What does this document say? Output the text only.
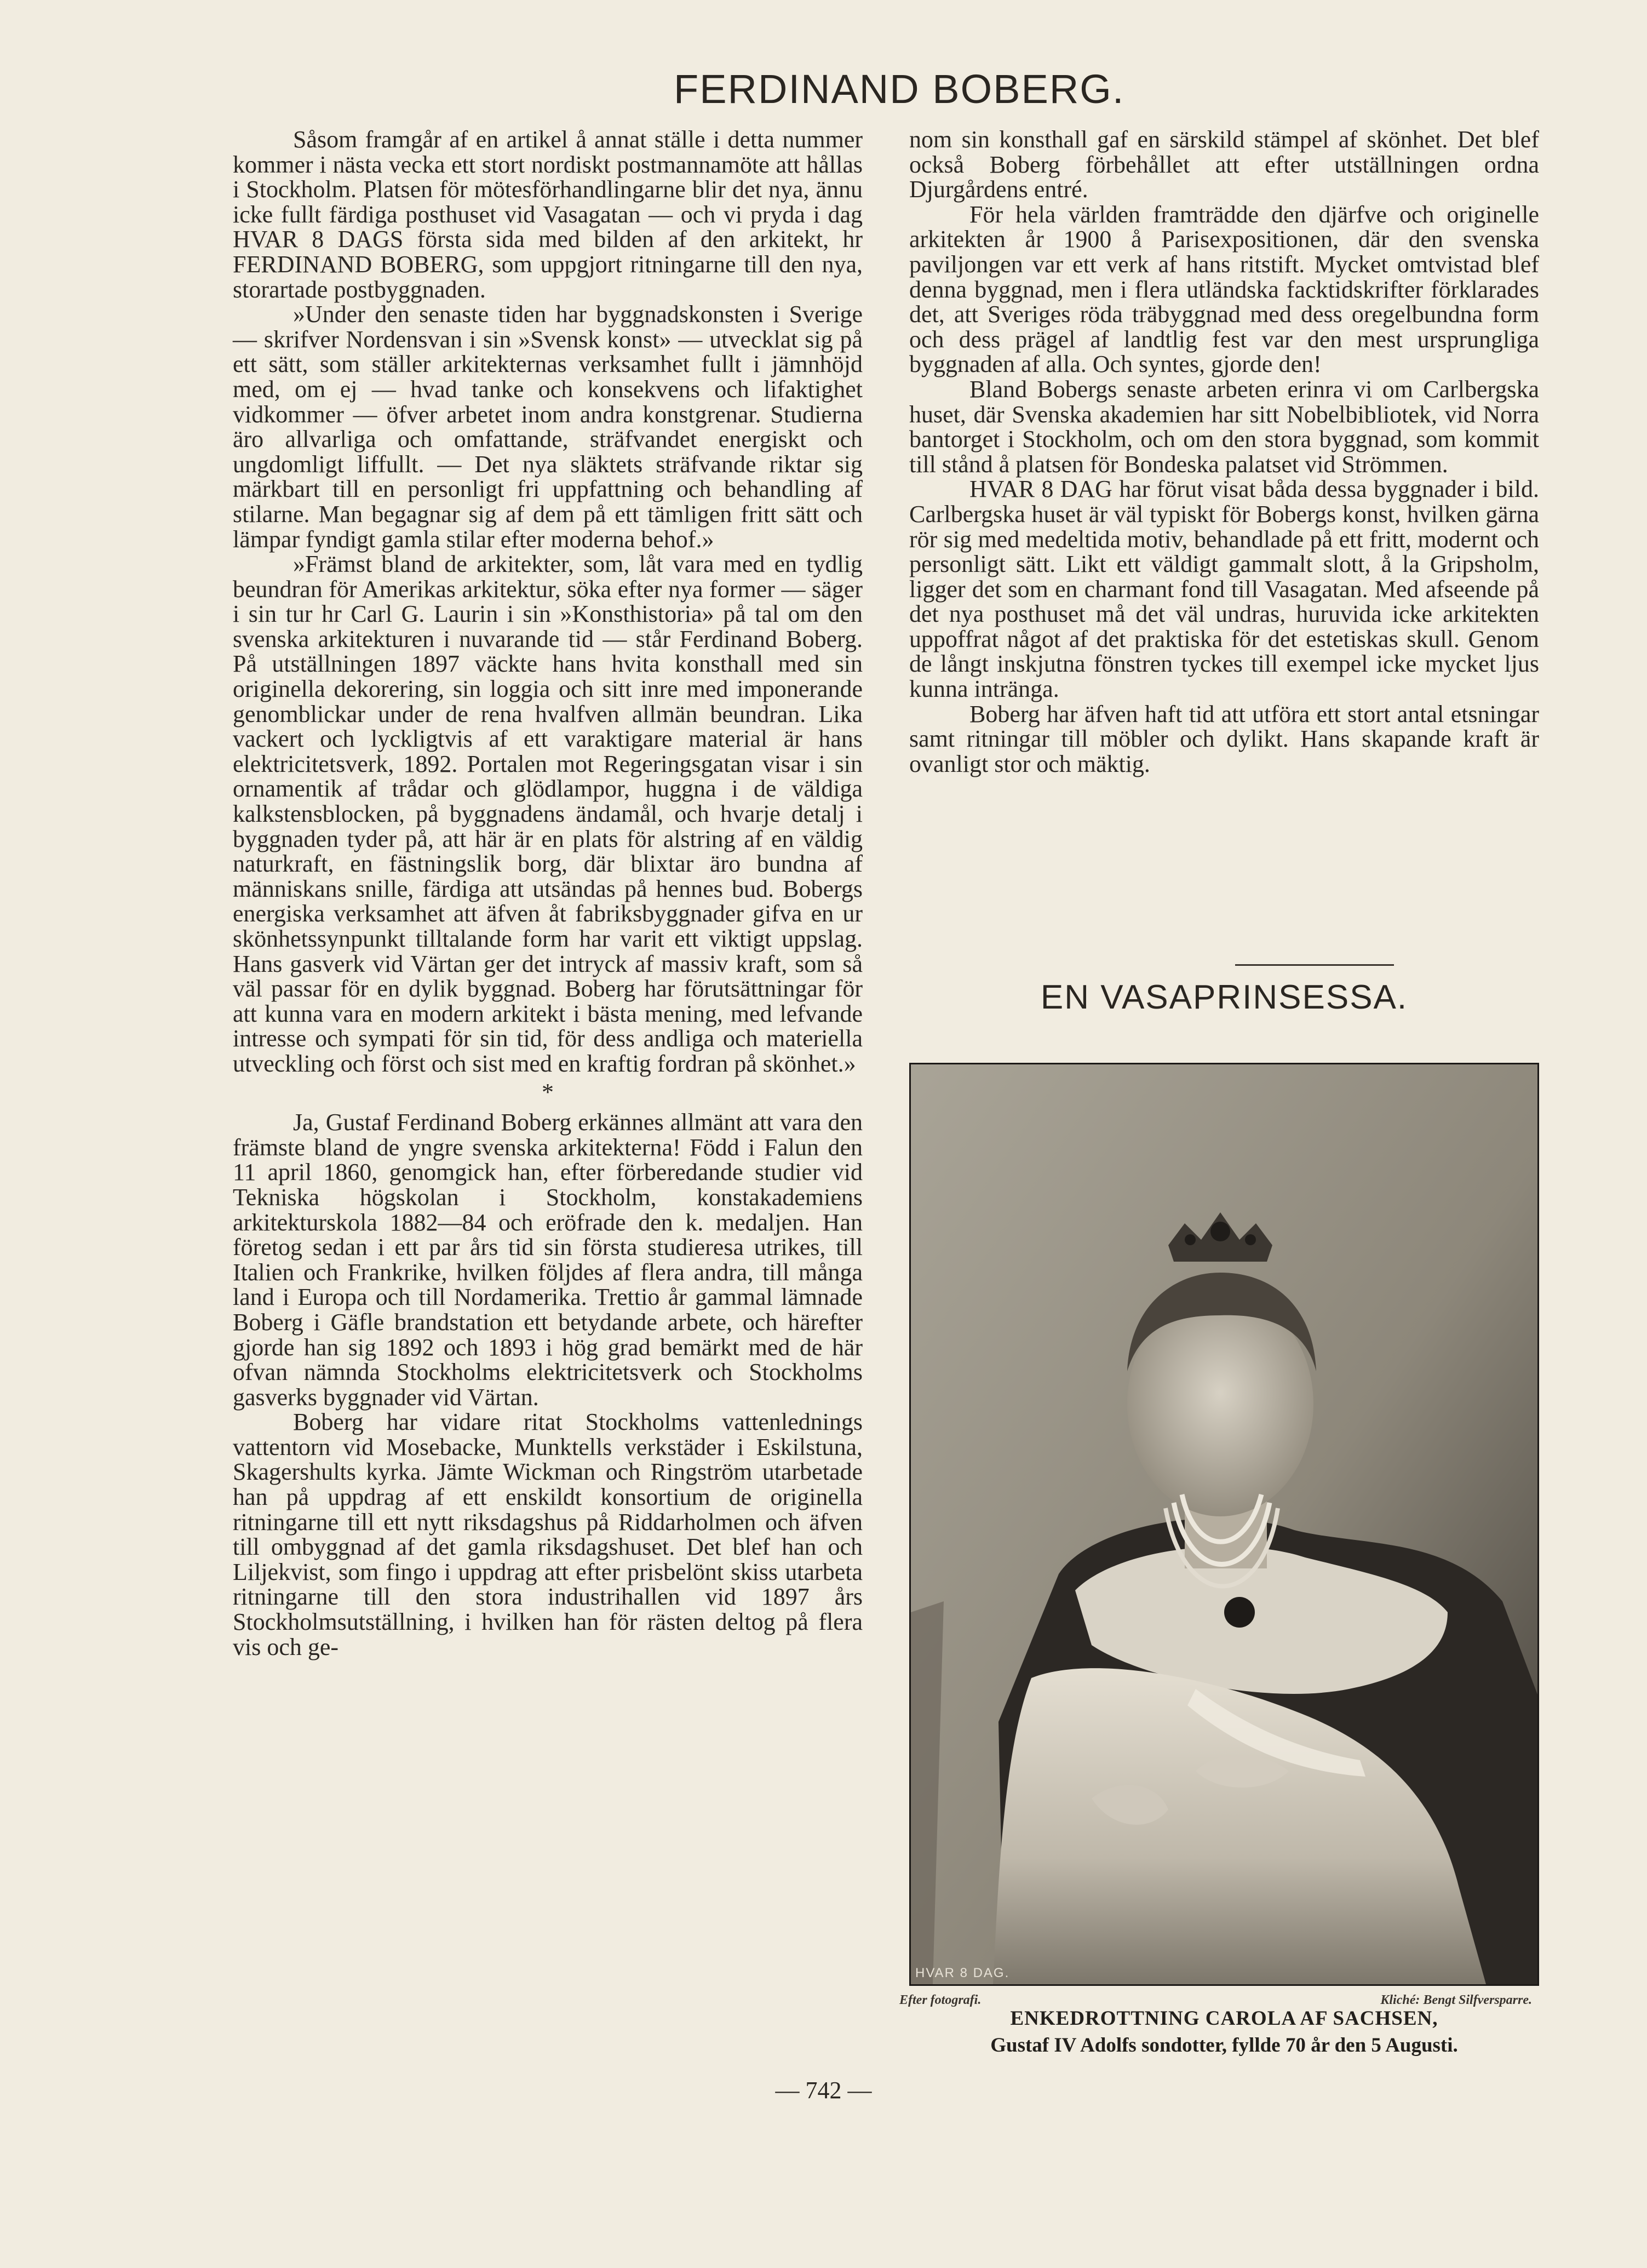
FERDINAND BOBERG.

Såsom framgår af en artikel å annat ställe i detta nummer kommer i nästa vecka ett stort nordiskt postmannamöte att hållas i Stockholm. Platsen för mötesförhandlingarne blir det nya, ännu icke fullt färdiga posthuset vid Vasagatan — och vi pryda i dag HVAR 8 DAGS första sida med bilden af den arkitekt, hr FERDINAND BOBERG, som uppgjort ritningarne till den nya, storartade postbyggnaden.

»Under den senaste tiden har byggnadskonsten i Sverige — skrifver Nordensvan i sin »Svensk konst» — utvecklat sig på ett sätt, som ställer arkitekternas verksamhet fullt i jämnhöjd med, om ej — hvad tanke och konsekvens och lifaktighet vidkommer — öfver arbetet inom andra konstgrenar. Studierna äro allvarliga och omfattande, sträfvandet energiskt och ungdomligt liffullt. — Det nya släktets sträfvande riktar sig märkbart till en personligt fri uppfattning och behandling af stilarne. Man begagnar sig af dem på ett tämligen fritt sätt och lämpar fyndigt gamla stilar efter moderna behof.»

»Främst bland de arkitekter, som, låt vara med en tydlig beundran för Amerikas arkitektur, söka efter nya former — säger i sin tur hr Carl G. Laurin i sin »Konsthistoria» på tal om den svenska arkitekturen i nuvarande tid — står Ferdinand Boberg. På utställningen 1897 väckte hans hvita konsthall med sin originella dekorering, sin loggia och sitt inre med imponerande genomblickar under de rena hvalfven allmän beundran. Lika vackert och lyckligtvis af ett varaktigare material är hans elektricitetsverk, 1892. Portalen mot Regeringsgatan visar i sin ornamentik af trådar och glödlampor, huggna i de väldiga kalkstensblocken, på byggnadens ändamål, och hvarje detalj i byggnaden tyder på, att här är en plats för alstring af en väldig naturkraft, en fästningslik borg, där blixtar äro bundna af människans snille, färdiga att utsändas på hennes bud. Bobergs energiska verksamhet att äfven åt fabriksbyggnader gifva en ur skönhetssynpunkt tilltalande form har varit ett viktigt uppslag. Hans gasverk vid Värtan ger det intryck af massiv kraft, som så väl passar för en dylik byggnad. Boberg har förutsättningar för att kunna vara en modern arkitekt i bästa mening, med lefvande intresse och sympati för sin tid, för dess andliga och materiella utveckling och först och sist med en kraftig fordran på skönhet.»

*

Ja, Gustaf Ferdinand Boberg erkännes allmänt att vara den främste bland de yngre svenska arkitekterna! Född i Falun den 11 april 1860, genomgick han, efter förberedande studier vid Tekniska högskolan i Stockholm, konstakademiens arkitekturskola 1882—84 och eröfrade den k. medaljen. Han företog sedan i ett par års tid sin första studieresa utrikes, till Italien och Frankrike, hvilken följdes af flera andra, till många land i Europa och till Nordamerika. Trettio år gammal lämnade Boberg i Gäfle brandstation ett betydande arbete, och härefter gjorde han sig 1892 och 1893 i hög grad bemärkt med de här ofvan nämnda Stockholms elektricitetsverk och Stockholms gasverks byggnader vid Värtan.

Boberg har vidare ritat Stockholms vattenlednings vattentorn vid Mosebacke, Munktells verkstäder i Eskilstuna, Skagershults kyrka. Jämte Wickman och Ringström utarbetade han på uppdrag af ett enskildt konsortium de originella ritningarne till ett nytt riksdagshus på Riddarholmen och äfven till ombyggnad af det gamla riksdagshuset. Det blef han och Liljekvist, som fingo i uppdrag att efter prisbelönt skiss utarbeta ritningarne till den stora industrihallen vid 1897 års Stockholmsutställning, i hvilken han för rästen deltog på flera vis och ge-

nom sin konsthall gaf en särskild stämpel af skönhet. Det blef också Boberg förbehållet att efter utställningen ordna Djurgårdens entré.

För hela världen framträdde den djärfve och originelle arkitekten år 1900 å Parisexpositionen, där den svenska paviljongen var ett verk af hans ritstift. Mycket omtvistad blef denna byggnad, men i flera utländska facktidskrifter förklarades det, att Sveriges röda träbyggnad med dess oregelbundna form och dess prägel af landtlig fest var den mest ursprungliga byggnaden af alla. Och syntes, gjorde den!

Bland Bobergs senaste arbeten erinra vi om Carlbergska huset, där Svenska akademien har sitt Nobelbibliotek, vid Norra bantorget i Stockholm, och om den stora byggnad, som kommit till stånd å platsen för Bondeska palatset vid Strömmen.

HVAR 8 DAG har förut visat båda dessa byggnader i bild. Carlbergska huset är väl typiskt för Bobergs konst, hvilken gärna rör sig med medeltida motiv, behandlade på ett fritt, modernt och personligt sätt. Likt ett väldigt gammalt slott, å la Gripsholm, ligger det som en charmant fond till Vasagatan. Med afseende på det nya posthuset må det väl undras, huruvida icke arkitekten uppoffrat något af det praktiska för det estetiskas skull. Genom de långt inskjutna fönstren tyckes till exempel icke mycket ljus kunna inträngа.

Boberg har äfven haft tid att utföra ett stort antal etsningar samt ritningar till möbler och dylikt. Hans skapande kraft är ovanligt stor och mäktig.

EN VASAPRINSESSA.
HVAR 8 DAG.
Efter fotografi.	Kliché: Bengt Silfversparre.
ENKEDROTTNING CAROLA AF SACHSEN,
Gustaf IV Adolfs sondotter, fyllde 70 år den 5 Augusti.
— 742 —
